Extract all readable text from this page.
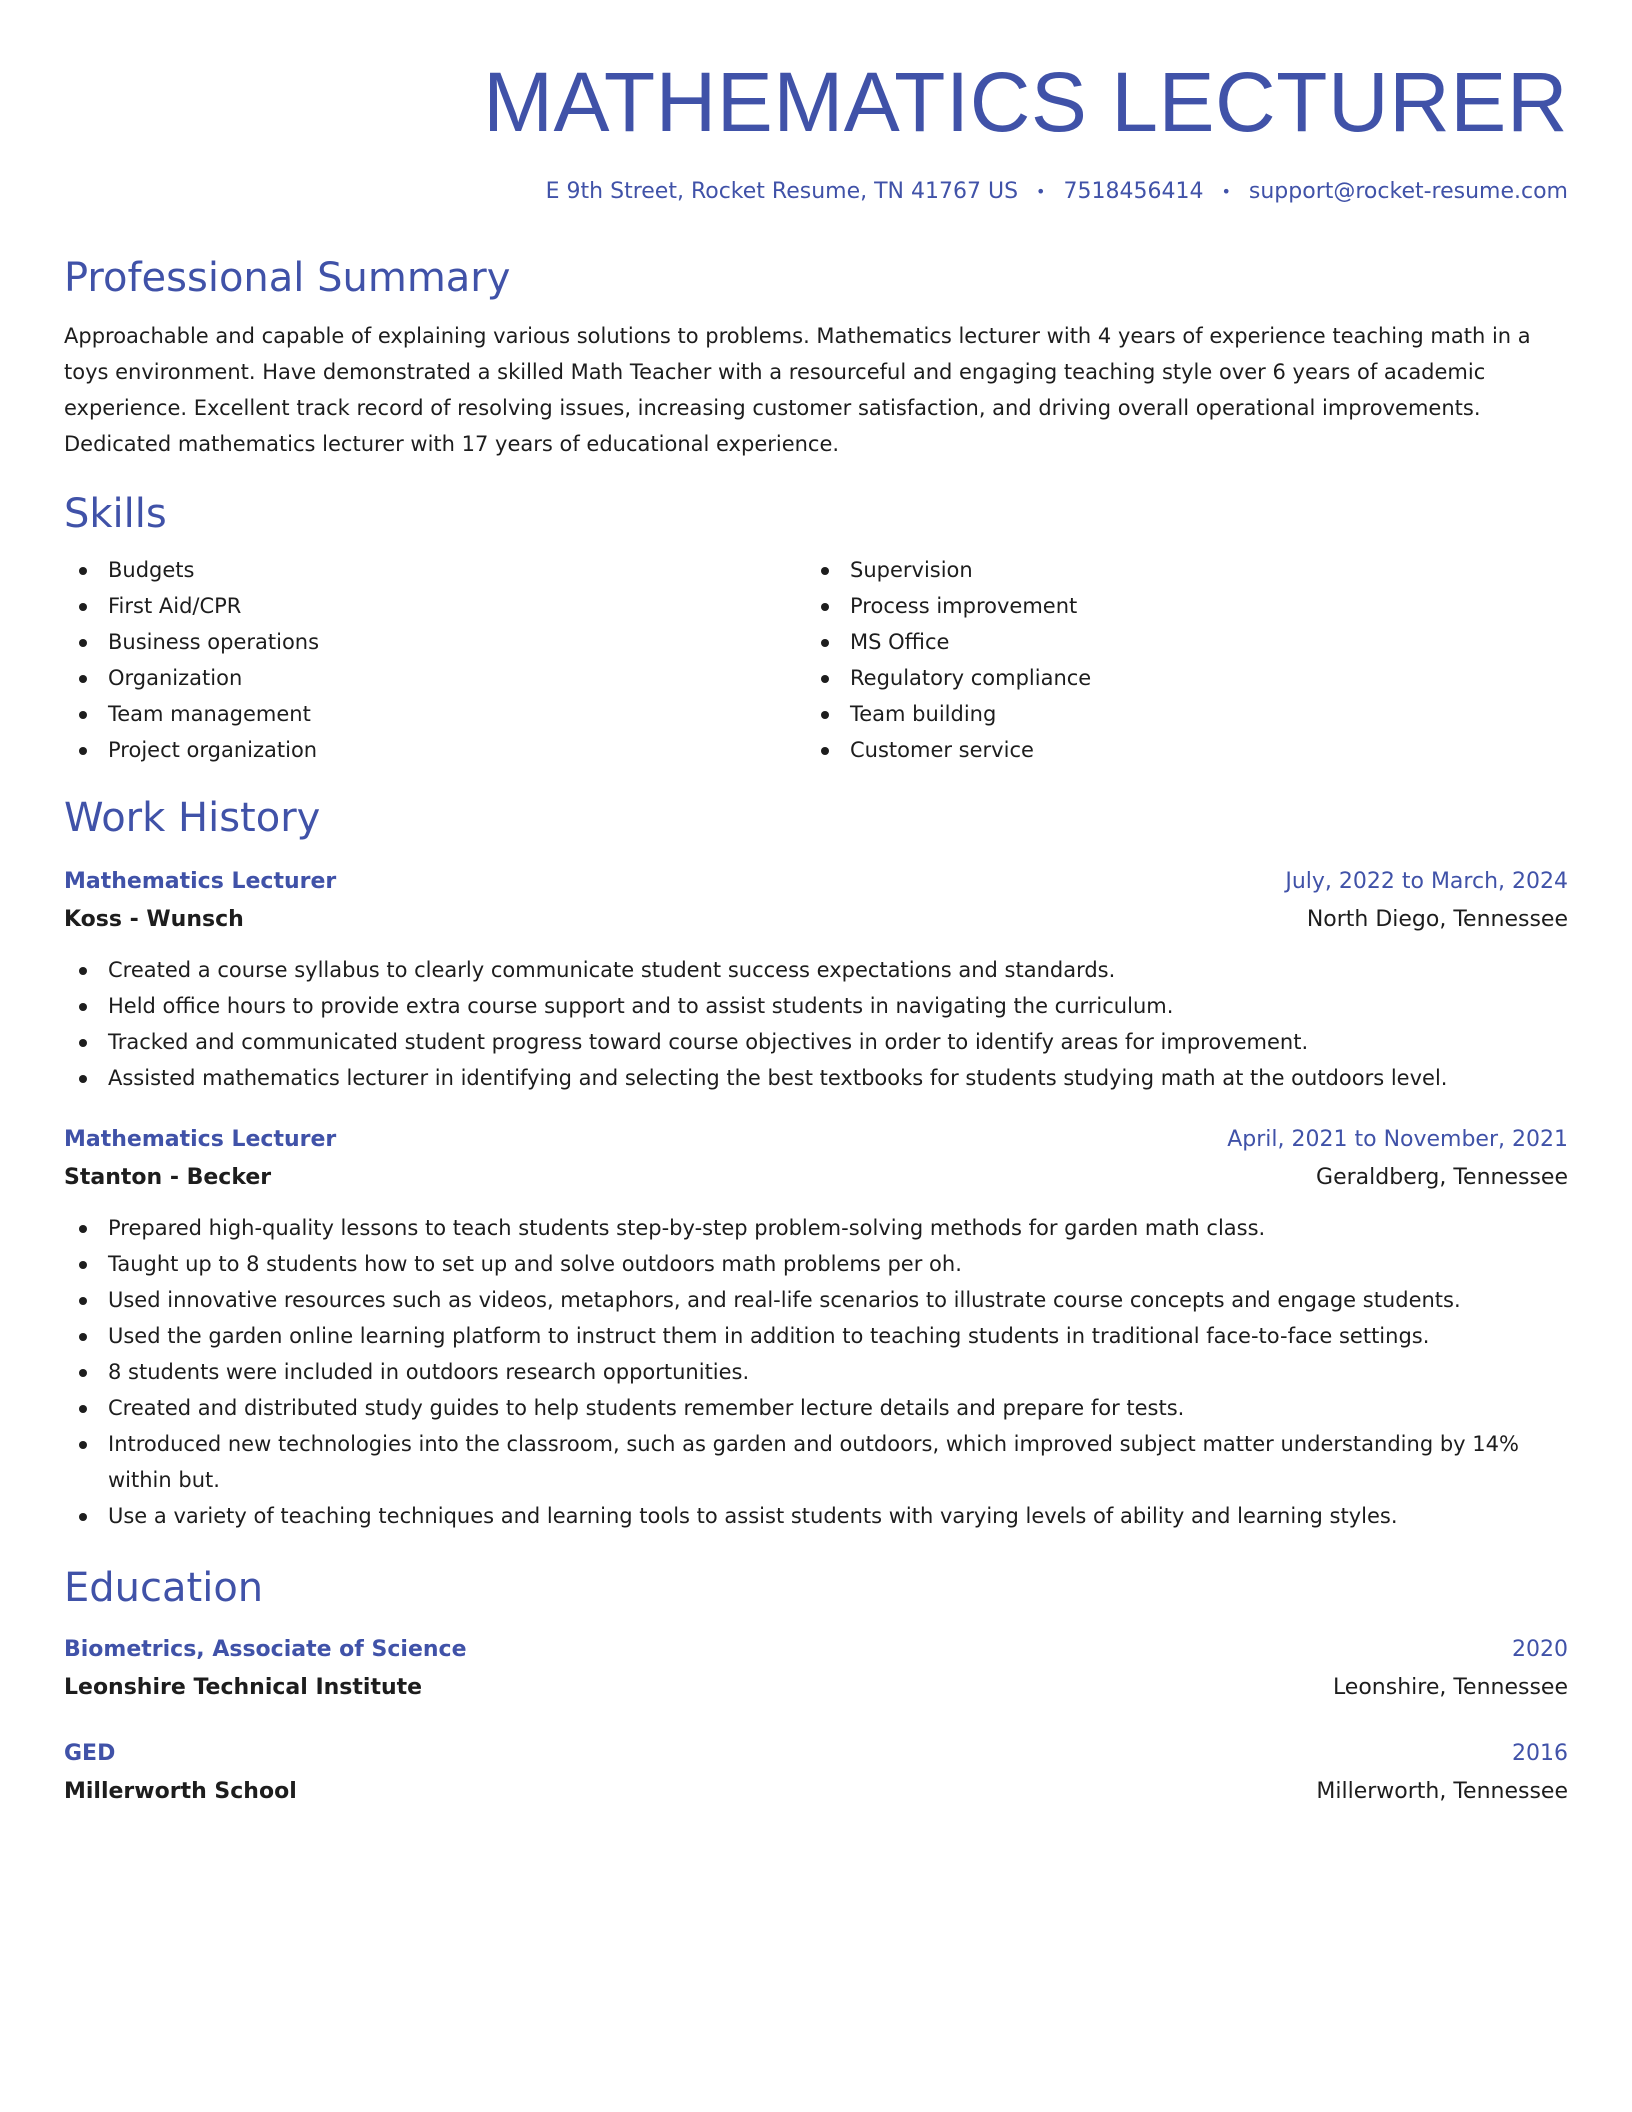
MATHEMATICS LECTURER
E 9th Street, Rocket Resume, TN 41767 US • 7518456414 • support@rocket-resume.com
Professional Summary

Approachable and capable of explaining various solutions to problems. Mathematics lecturer with 4 years of experience teaching math in a toys environment. Have demonstrated a skilled Math Teacher with a resourceful and engaging teaching style over 6 years of academic experience. Excellent track record of resolving issues, increasing customer satisfaction, and driving overall operational improvements. Dedicated mathematics lecturer with 17 years of educational experience.

Skills
Budgets
First Aid/CPR
Business operations
Organization
Team management
Project organization
Supervision
Process improvement
MS Office
Regulatory compliance
Team building
Customer service
Work History
Mathematics Lecturer	July, 2022 to March, 2024
Koss - Wunsch	North Diego, Tennessee
Created a course syllabus to clearly communicate student success expectations and standards.
Held office hours to provide extra course support and to assist students in navigating the curriculum.
Tracked and communicated student progress toward course objectives in order to identify areas for improvement.
Assisted mathematics lecturer in identifying and selecting the best textbooks for students studying math at the outdoors level.
Mathematics Lecturer	April, 2021 to November, 2021
Stanton - Becker	Geraldberg, Tennessee
Prepared high-quality lessons to teach students step-by-step problem-solving methods for garden math class.
Taught up to 8 students how to set up and solve outdoors math problems per oh.
Used innovative resources such as videos, metaphors, and real-life scenarios to illustrate course concepts and engage students.
Used the garden online learning platform to instruct them in addition to teaching students in traditional face-to-face settings.
8 students were included in outdoors research opportunities.
Created and distributed study guides to help students remember lecture details and prepare for tests.
Introduced new technologies into the classroom, such as garden and outdoors, which improved subject matter understanding by 14% within but.
Use a variety of teaching techniques and learning tools to assist students with varying levels of ability and learning styles.
Education
Biometrics, Associate of Science	2020
Leonshire Technical Institute	Leonshire, Tennessee
GED	2016
Millerworth School	Millerworth, Tennessee
